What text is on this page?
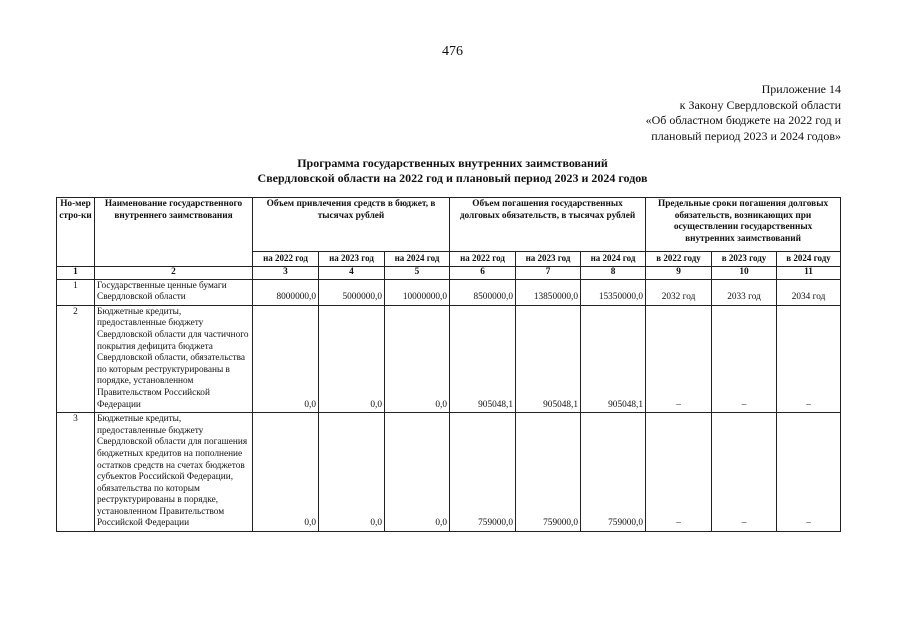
476
Приложение 14
к Закону Свердловской области
«Об областном бюджете на 2022 год и
плановый период 2023 и 2024 годов»
Программа государственных внутренних заимствований
Свердловской области на 2022 год и плановый период 2023 и 2024 годов
Но-мер стро-ки	Наименование государственного внутреннего заимствования	Объем привлечения средств в бюджет, в тысячах рублей			Объем погашения государственных долговых обязательств, в тысячах рублей			Предельные сроки погашения долговых обязательств, возникающих при осуществлении государственных внутренних заимствований		
		на 2022 год	на 2023 год	на 2024 год	на 2022 год	на 2023 год	на 2024 год	в 2022 году	в 2023 году	в 2024 году
1	2	3	4	5	6	7	8	9	10	11
1	Государственные ценные бумаги Свердловской области	8000000,0	5000000,0	10000000,0	8500000,0	13850000,0	15350000,0	2032 год	2033 год	2034 год
2	Бюджетные кредиты, предоставленные бюджету Свердловской области для частичного покрытия дефицита бюджета Свердловской области, обязательства по которым реструктурированы в порядке, установленном Правительством Российской Федерации	0,0	0,0	0,0	905048,1	905048,1	905048,1	–	–	–
3	Бюджетные кредиты, предоставленные бюджету Свердловской области для погашения бюджетных кредитов на пополнение остатков средств на счетах бюджетов субъектов Российской Федерации, обязательства по которым реструктурированы в порядке, установленном Правительством Российской Федерации	0,0	0,0	0,0	759000,0	759000,0	759000,0	–	–	–
